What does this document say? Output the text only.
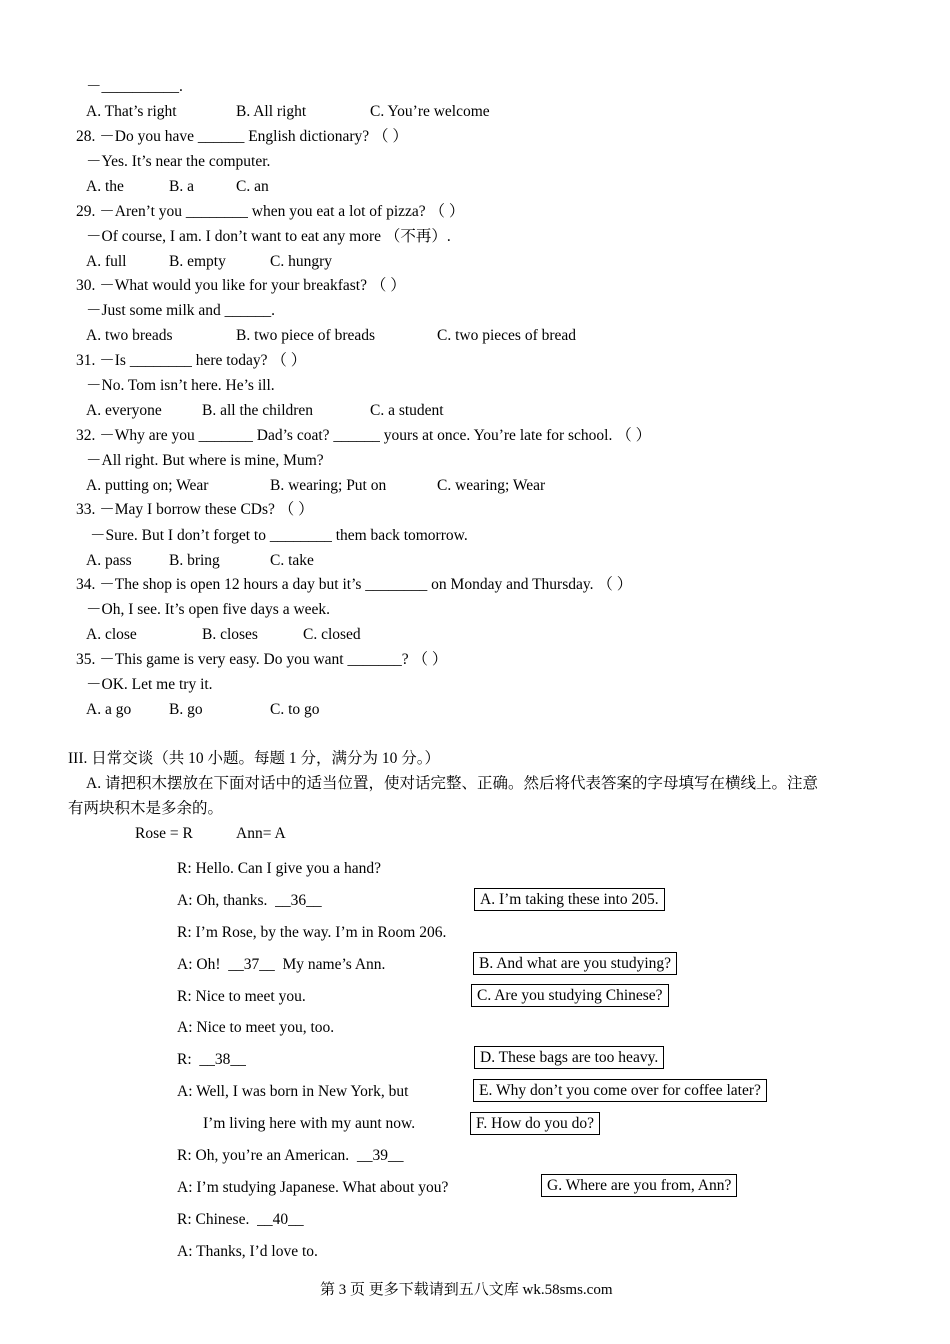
－__________.
A. That’s right	B. All right	C. You’re welcome
28. －Do you have ______ English dictionary? （ ）
－Yes. It’s near the computer.
A. the	B. a	C. an
29. －Aren’t you ________ when you eat a lot of pizza? （ ）
－Of course, I am. I don’t want to eat any more （不再）.
A. full	B. empty	C. hungry
30. －What would you like for your breakfast? （ ）
－Just some milk and ______.
A. two breads	B. two piece of breads	C. two pieces of bread
31. －Is ________ here today? （ ）
－No. Tom isn’t here. He’s ill.
A. everyone	B. all the children	C. a student
32. －Why are you _______ Dad’s coat? ______ yours at once. You’re late for school. （ ）
－All right. But where is mine, Mum?
A. putting on; Wear	B. wearing; Put on	C. wearing; Wear
33. －May I borrow these CDs? （ ）
－Sure. But I don’t forget to ________ them back tomorrow.
A. pass B. bring	C. take
34. －The shop is open 12 hours a day but it’s ________ on Monday and Thursday. （ ）
－Oh, I see. It’s open five days a week.
A. close	B. closes	C. closed
35. －This game is very easy. Do you want _______? （ ）
－OK. Let me try it.
A. a go B. go	C. to go
III. 日常交谈（共 10 小题。每题 1 分，满分为 10 分。）
A. 请把积木摆放在下面对话中的适当位置，使对话完整、正确。然后将代表答案的字母填写在横线上。注意
有两块积木是多余的。
Rose = R	Ann= A
R: Hello. Can I give you a hand?
A: Oh, thanks.  __36__
R: I’m Rose, by the way. I’m in Room 206.
A: Oh!  __37__  My name’s Ann.
R: Nice to meet you.
A: Nice to meet you, too.
R:  __38__
A: Well, I was born in New York, but
I’m living here with my aunt now.
R: Oh, you’re an American.  __39__
A: I’m studying Japanese. What about you?
R: Chinese.  __40__
A: Thanks, I’d love to.
A. I’m taking these into 205.
B. And what are you studying?
C. Are you studying Chinese?
D. These bags are too heavy.
E. Why don’t you come over for coffee later?
F. How do you do?
G. Where are you from, Ann?
第 3 页 更多下载请到五八文库 wk.58sms.com
